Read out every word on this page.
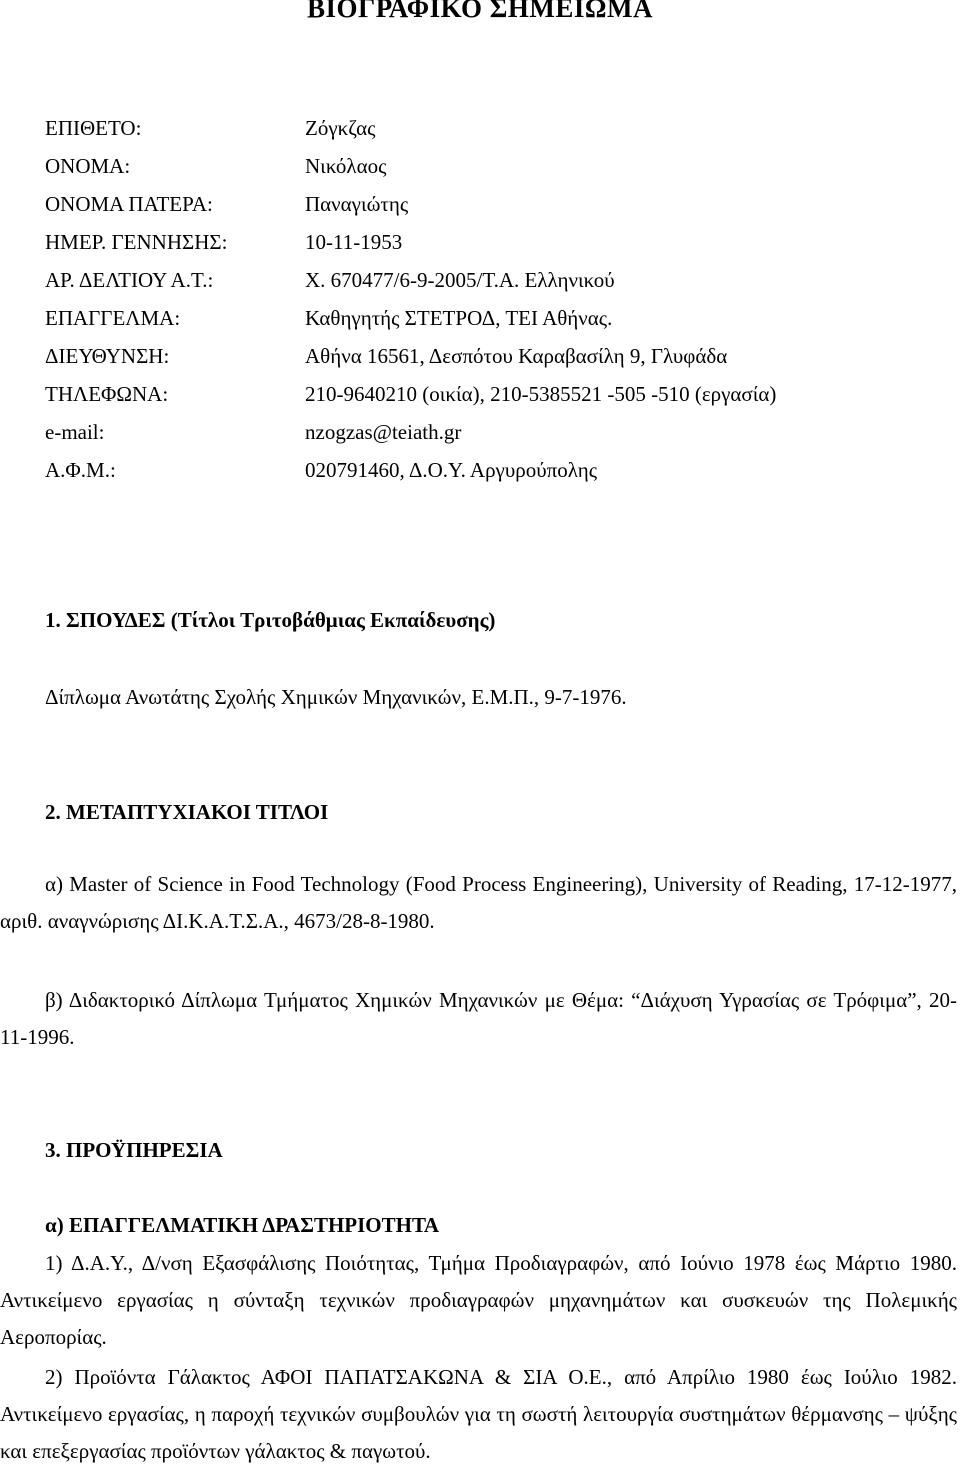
ΒΙΟΓΡΑΦΙΚΟ ΣΗΜΕΙΩΜΑ
ΕΠΙΘΕΤΟ:	Ζόγκζας
ΟΝΟΜΑ:	Νικόλαος
ΟΝΟΜΑ ΠΑΤΕΡΑ:	Παναγιώτης
ΗΜΕΡ. ΓΕΝΝΗΣΗΣ:	10-11-1953
ΑΡ. ΔΕΛΤΙΟΥ Α.Τ.:	Χ. 670477/6-9-2005/Τ.Α. Ελληνικού
ΕΠΑΓΓΕΛΜΑ:	Καθηγητής ΣΤΕΤΡΟΔ, ΤΕΙ Αθήνας.
ΔΙΕΥΘΥΝΣΗ:	Αθήνα 16561, Δεσπότου Καραβασίλη 9, Γλυφάδα
ΤΗΛΕΦΩΝΑ:	210-9640210 (οικία), 210-5385521 -505 -510 (εργασία)
e-mail:	nzogzas@teiath.gr
Α.Φ.Μ.:	020791460, Δ.Ο.Υ. Αργυρούπολης
1. ΣΠΟΥΔΕΣ (Τίτλοι Τριτοβάθμιας Εκπαίδευσης)
Δίπλωμα Ανωτάτης Σχολής Χημικών Μηχανικών, Ε.Μ.Π., 9-7-1976.
2. ΜΕΤΑΠΤΥΧΙΑΚΟΙ ΤΙΤΛΟΙ

α) Master of Science in Food Technology (Food Process Engineering), University of Reading, 17-12-1977, αριθ. αναγνώρισης ΔΙ.Κ.Α.Τ.Σ.Α., 4673/28-8-1980.

β) Διδακτορικό Δίπλωμα Τμήματος Χημικών Μηχανικών με Θέμα: “Διάχυση Υγρασίας σε Τρόφιμα”, 20-11-1996.

3. ΠΡΟΫΠΗΡΕΣΙΑ
α) ΕΠΑΓΓΕΛΜΑΤΙΚΗ ΔΡΑΣΤΗΡΙΟΤΗΤΑ

1) Δ.Α.Υ., Δ/νση Εξασφάλισης Ποιότητας, Τμήμα Προδιαγραφών, από Ιούνιο 1978 έως Μάρτιο 1980. Αντικείμενο εργασίας η σύνταξη τεχνικών προδιαγραφών μηχανημάτων και συσκευών της Πολεμικής Αεροπορίας.

2) Προϊόντα Γάλακτος ΑΦΟΙ ΠΑΠΑΤΣΑΚΩΝΑ & ΣΙΑ Ο.Ε., από Απρίλιο 1980 έως Ιούλιο 1982. Αντικείμενο εργασίας, η παροχή τεχνικών συμβουλών για τη σωστή λειτουργία συστημάτων θέρμανσης – ψύξης και επεξεργασίας προϊόντων γάλακτος & παγωτού.
